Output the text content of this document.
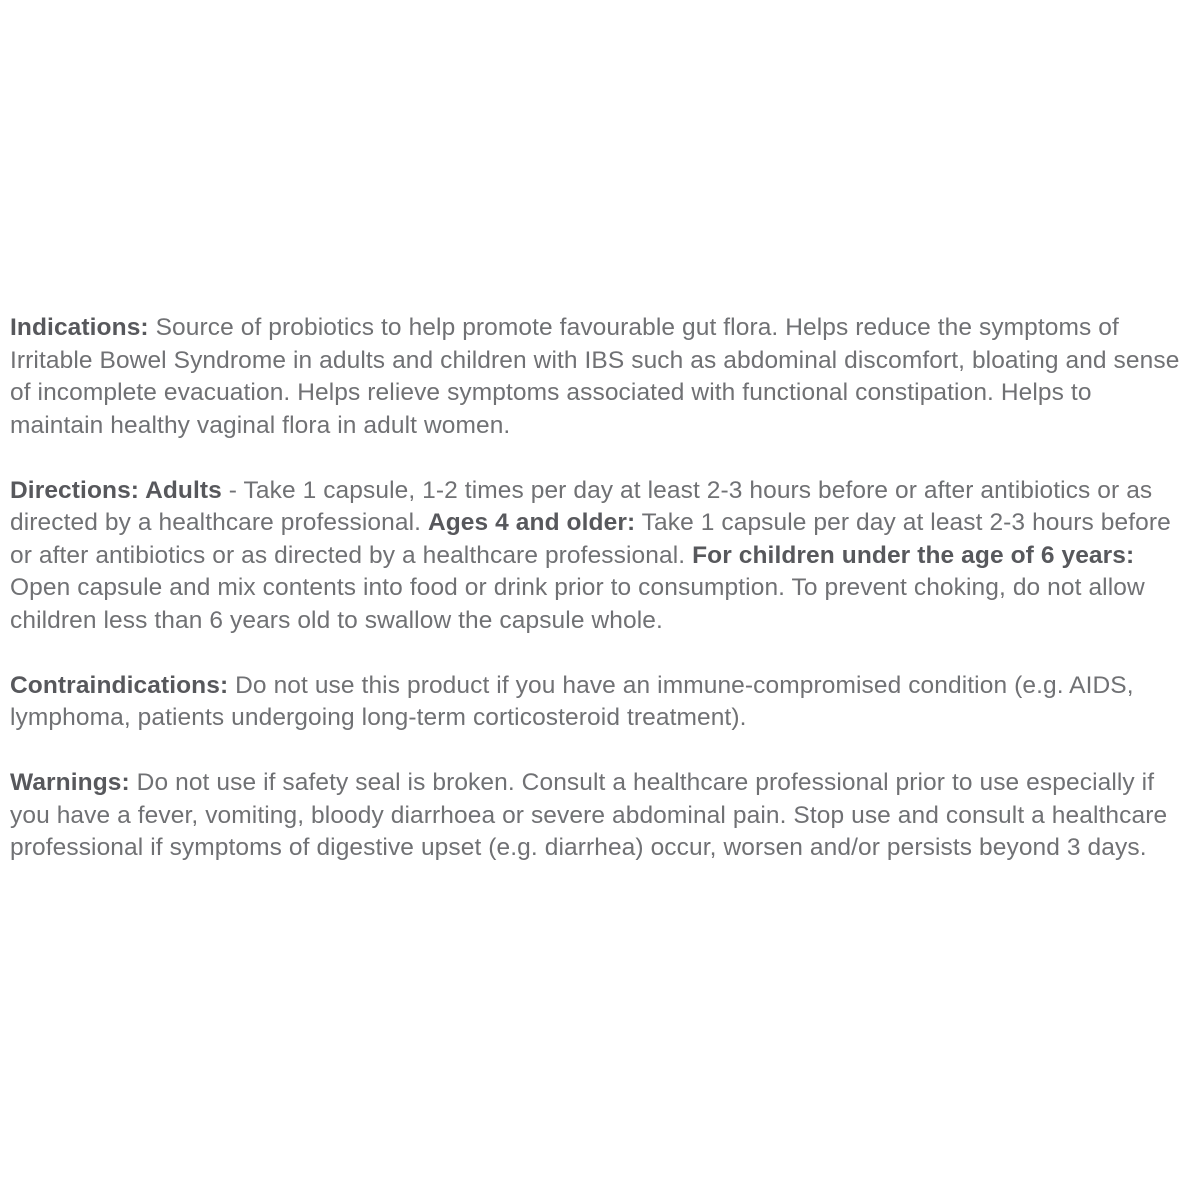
Indications: Source of probiotics to help promote favourable gut flora. Helps reduce the symptoms of Irritable Bowel Syndrome in adults and children with IBS such as abdominal discomfort, bloating and sense of incomplete evacuation. Helps relieve symptoms associated with functional constipation. Helps to maintain healthy vaginal flora in adult women.

Directions: Adults - Take 1 capsule, 1-2 times per day at least 2-3 hours before or after antibiotics or as directed by a healthcare professional. Ages 4 and older: Take 1 capsule per day at least 2-3 hours before or after antibiotics or as directed by a healthcare professional. For children under the age of 6 years: Open capsule and mix contents into food or drink prior to consumption. To prevent choking, do not allow children less than 6 years old to swallow the capsule whole.

Contraindications: Do not use this product if you have an immune-compromised condition (e.g. AIDS, lymphoma, patients undergoing long-term corticosteroid treatment).

Warnings: Do not use if safety seal is broken. Consult a healthcare professional prior to use especially if you have a fever, vomiting, bloody diarrhoea or severe abdominal pain. Stop use and consult a healthcare professional if symptoms of digestive upset (e.g. diarrhea) occur, worsen and/or persists beyond 3 days.
